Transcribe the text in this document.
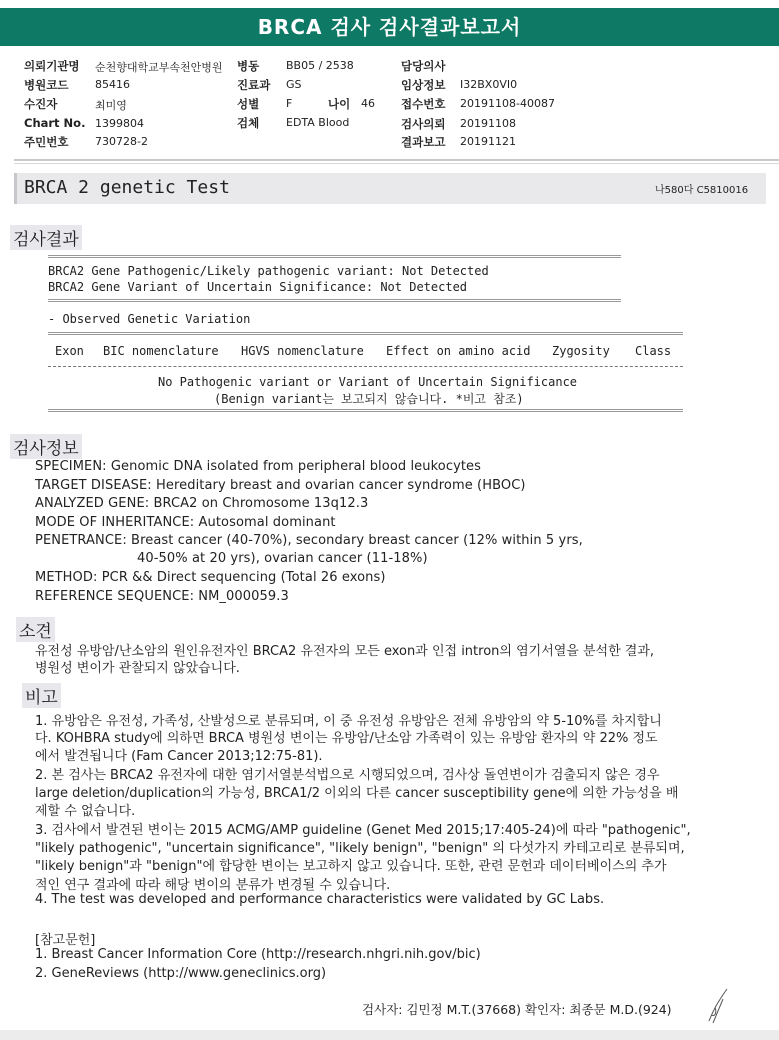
BRCA 검사 검사결과보고서
의뢰기관명 순천향대학교부속천안병원 병동 BB05 / 2538	담당의사
병원코드 85416	진료과 GS	임상정보 I32BX0VI0
수진자	최미영	성별 F	나이 46 접수번호 20191108-40087
Chart No. 1399804	검체 EDTA Blood	검사의뢰 20191108
주민번호 730728-2	결과보고 20191121
BRCA 2 genetic Test	나580다 C5810016
검사결과
BRCA2 Gene Pathogenic/Likely pathogenic variant: Not Detected
BRCA2 Gene Variant of Uncertain Significance: Not Detected
- Observed Genetic Variation
Exon BIC nomenclature HGVS nomenclature Effect on amino acid Zygosity Class
No Pathogenic variant or Variant of Uncertain Significance
(Benign variant는 보고되지 않습니다. *비고 참조)
검사정보
SPECIMEN: Genomic DNA isolated from peripheral blood leukocytes
TARGET DISEASE: Hereditary breast and ovarian cancer syndrome (HBOC)
ANALYZED GENE: BRCA2 on Chromosome 13q12.3
MODE OF INHERITANCE: Autosomal dominant
PENETRANCE: Breast cancer (40-70%), secondary breast cancer (12% within 5 yrs,
40-50% at 20 yrs), ovarian cancer (11-18%)
METHOD: PCR && Direct sequencing (Total 26 exons)
REFERENCE SEQUENCE: NM_000059.3
소견
유전성 유방암/난소암의 원인유전자인 BRCA2 유전자의 모든 exon과 인접 intron의 염기서열을 분석한 결과,
병원성 변이가 관찰되지 않았습니다.
비고
1. 유방암은 유전성, 가족성, 산발성으로 분류되며, 이 중 유전성 유방암은 전체 유방암의 약 5-10%를 차지합니
다. KOHBRA study에 의하면 BRCA 병원성 변이는 유방암/난소암 가족력이 있는 유방암 환자의 약 22% 정도
에서 발견됩니다 (Fam Cancer 2013;12:75-81).
2. 본 검사는 BRCA2 유전자에 대한 염기서열분석법으로 시행되었으며, 검사상 돌연변이가 검출되지 않은 경우
large deletion/duplication의 가능성, BRCA1/2 이외의 다른 cancer susceptibility gene에 의한 가능성을 배
제할 수 없습니다.
3. 검사에서 발견된 변이는 2015 ACMG/AMP guideline (Genet Med 2015;17:405-24)에 따라 "pathogenic",
"likely pathogenic", "uncertain significance", "likely benign", "benign" 의 다섯가지 카테고리로 분류되며,
"likely benign"과 "benign"에 합당한 변이는 보고하지 않고 있습니다. 또한, 관련 문헌과 데이터베이스의 추가
적인 연구 결과에 따라 해당 변이의 분류가 변경될 수 있습니다.
4. The test was developed and performance characteristics were validated by GC Labs.
[참고문헌]
1. Breast Cancer Information Core (http://research.nhgri.nih.gov/bic)
2. GeneReviews (http://www.geneclinics.org)
검사자: 김민정 M.T.(37668) 확인자: 최종문 M.D.(924)
